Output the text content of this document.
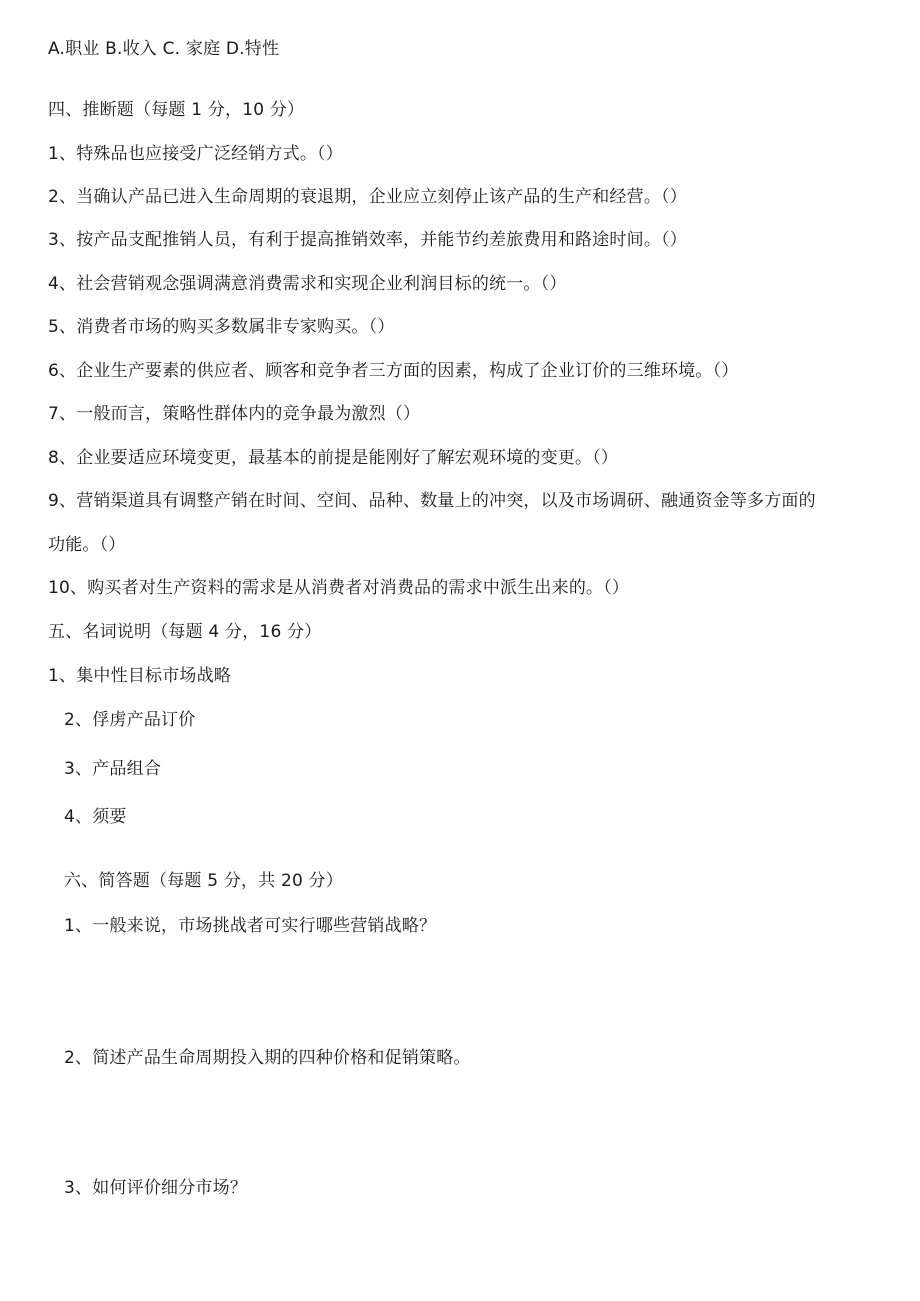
A.职业 B.收入 C. 家庭 D.特性
四、推断题（每题 1 分，10 分）
1、特殊品也应接受广泛经销方式。（）
2、当确认产品已进入生命周期的衰退期，企业应立刻停止该产品的生产和经营。（）
3、按产品支配推销人员，有利于提高推销效率，并能节约差旅费用和路途时间。（）
4、社会营销观念强调满意消费需求和实现企业利润目标的统一。（）
5、消费者市场的购买多数属非专家购买。（）
6、企业生产要素的供应者、顾客和竞争者三方面的因素，构成了企业订价的三维环境。（）
7、一般而言，策略性群体内的竞争最为激烈（）
8、企业要适应环境变更，最基本的前提是能刚好了解宏观环境的变更。（）
9、营销渠道具有调整产销在时间、空间、品种、数量上的冲突，以及市场调研、融通资金等多方面的
功能。（）
10、购买者对生产资料的需求是从消费者对消费品的需求中派生出来的。（）
五、名词说明（每题 4 分，16 分）
1、集中性目标市场战略
2、俘虏产品订价
3、产品组合
4、须要
六、简答题（每题 5 分，共 20 分）
1、一般来说，市场挑战者可实行哪些营销战略？
2、简述产品生命周期投入期的四种价格和促销策略。
3、如何评价细分市场？
